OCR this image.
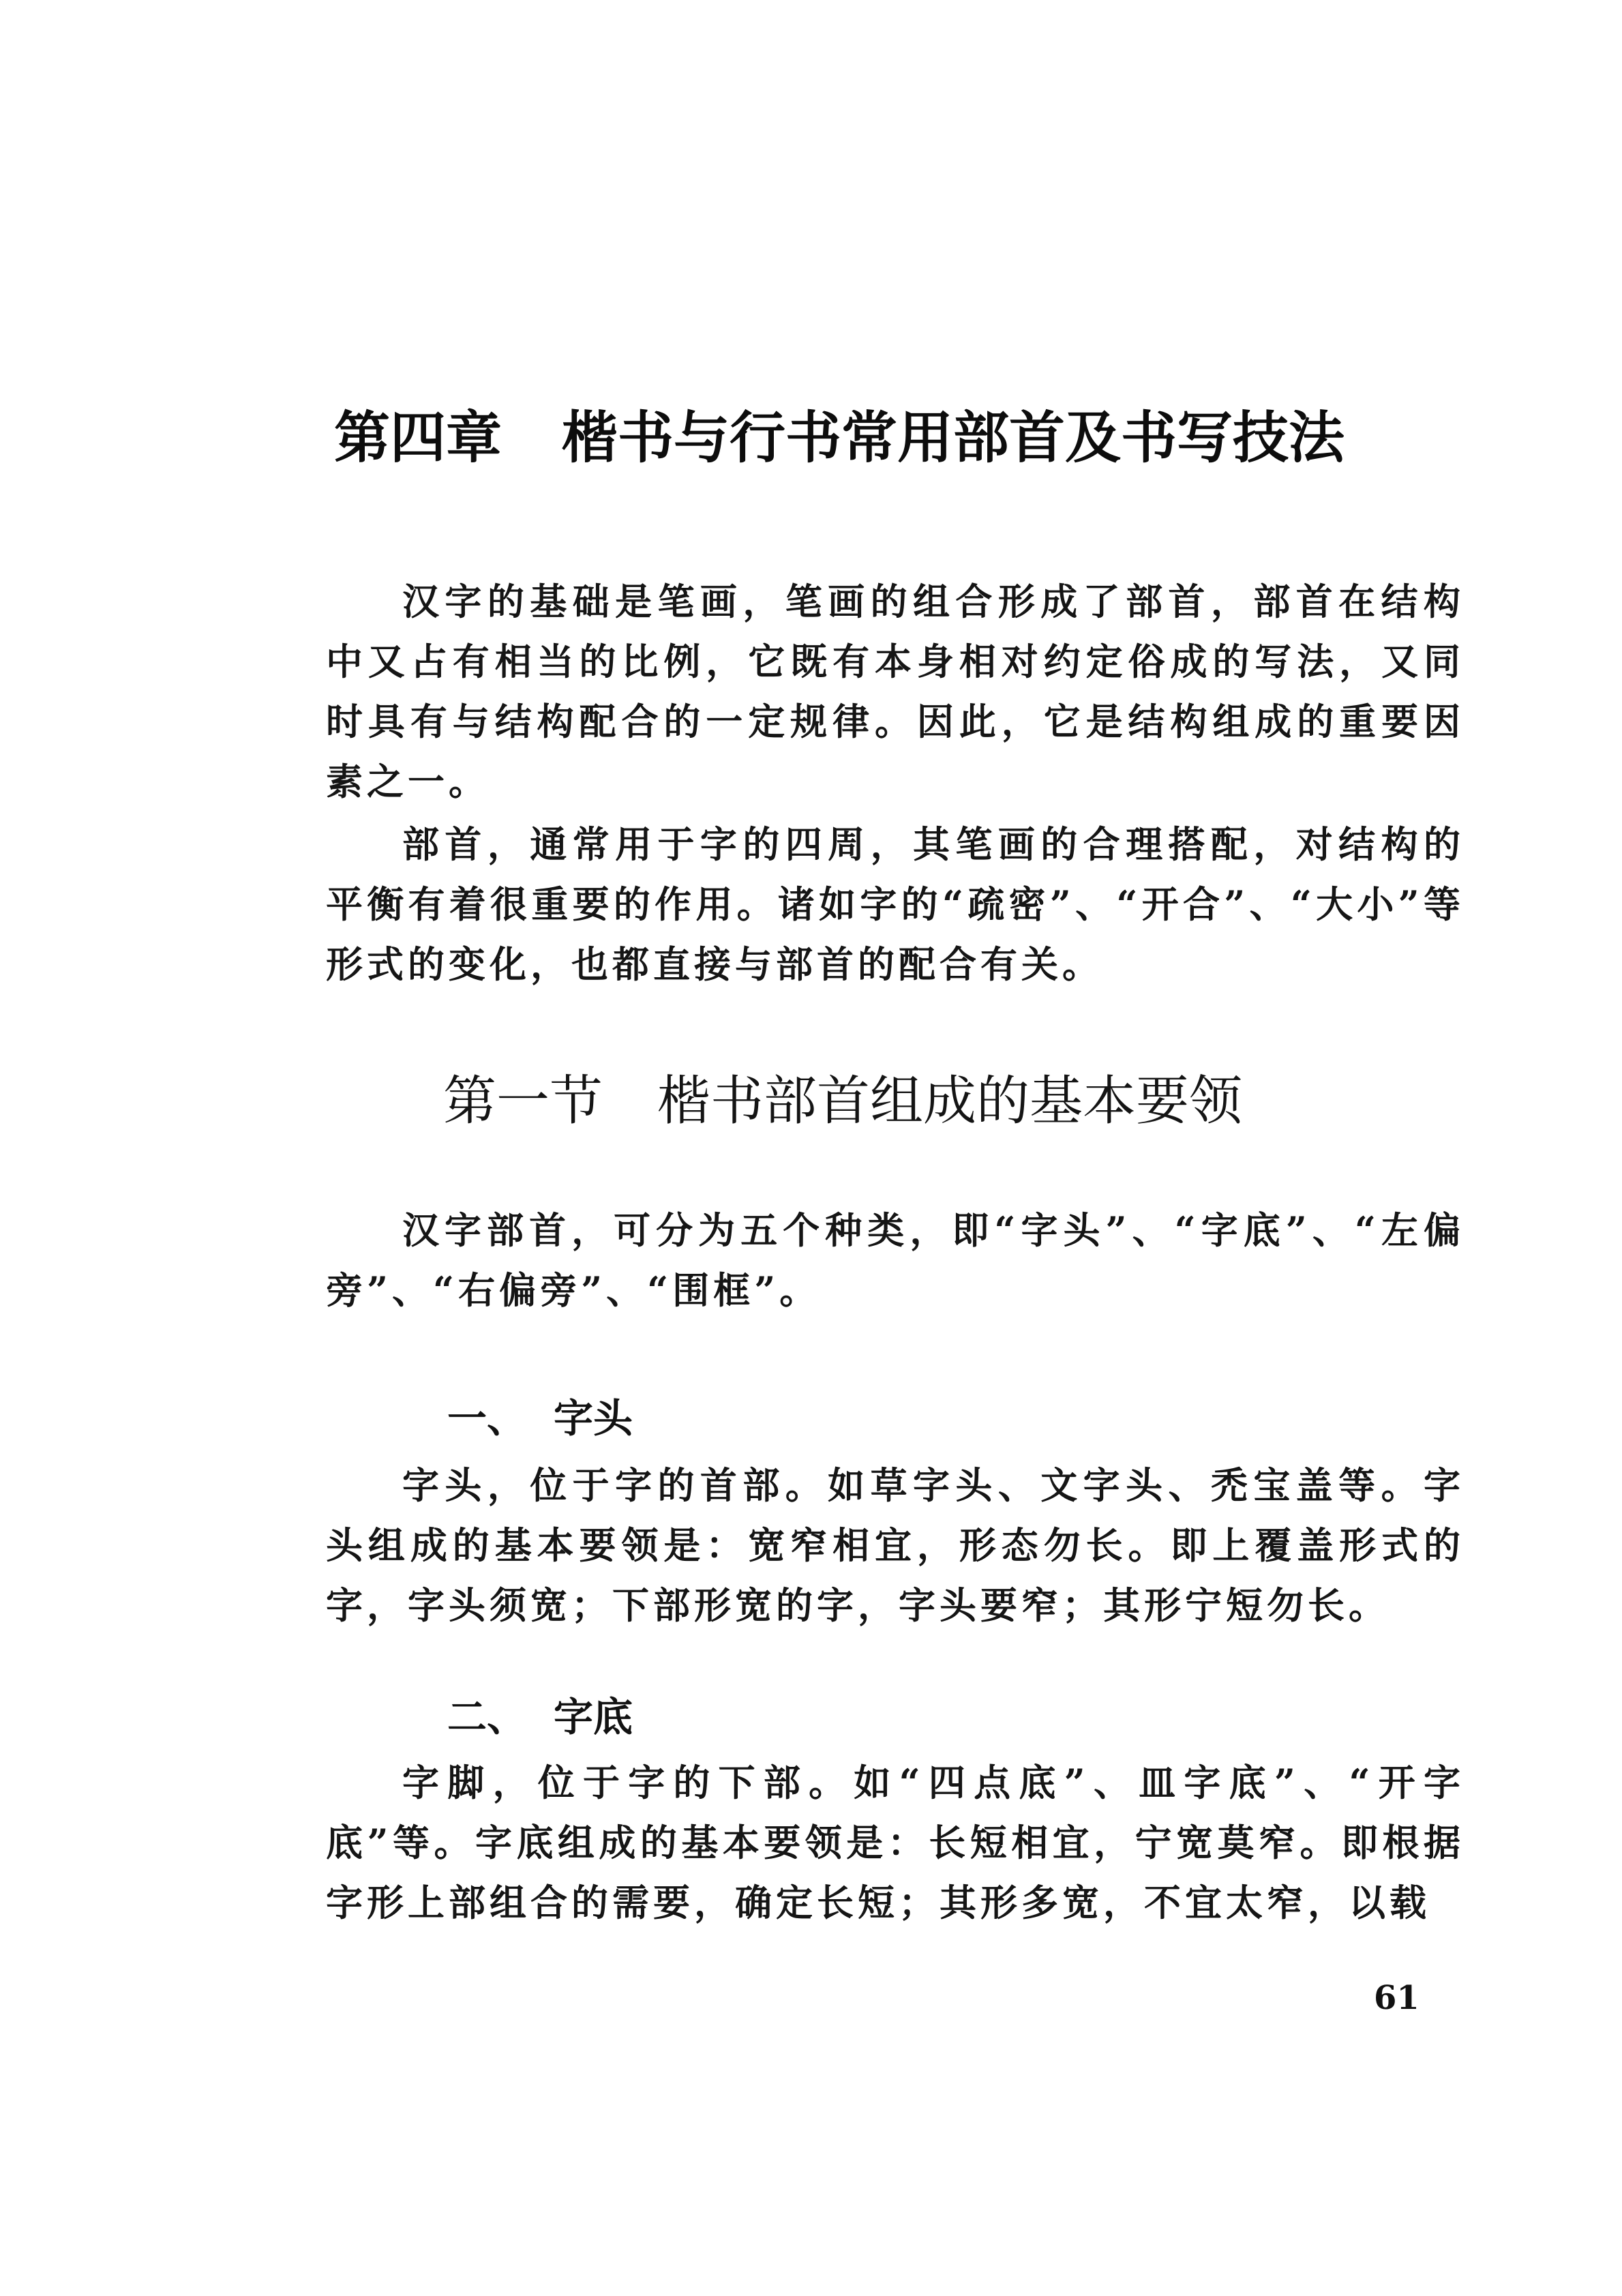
第四章 楷书与行书常用部首及书写技法

汉字的基础是笔画，笔画的组合形成了部首，部首在结构中又占有相当的比例，它既有本身相对约定俗成的写法，又同时具有与结构配合的一定规律。因此，它是结构组成的重要因素之一。

部首，通常用于字的四周，其笔画的合理搭配，对结构的平衡有着很重要的作用。诸如字的“疏密”、“开合”、“大小”等形式的变化，也都直接与部首的配合有关。

第一节 楷书部首组成的基本要领

汉字部首，可分为五个种类，即“字头”、“字底”、“左偏旁”、“右偏旁”、“围框”。

一、 字头

字头，位于字的首部。如草字头、文字头、禿宝盖等。字头组成的基本要领是：宽窄相宜，形态勿长。即上覆盖形式的字，字头须宽；下部形宽的字，字头要窄；其形宁短勿长。

二、 字底

字脚，位于字的下部。如“四点底”、皿字底”、“开字底”等。字底组成的基本要领是：长短相宜，宁宽莫窄。即根据字形上部组合的需要，确定长短；其形多宽，不宜太窄，以载

61
